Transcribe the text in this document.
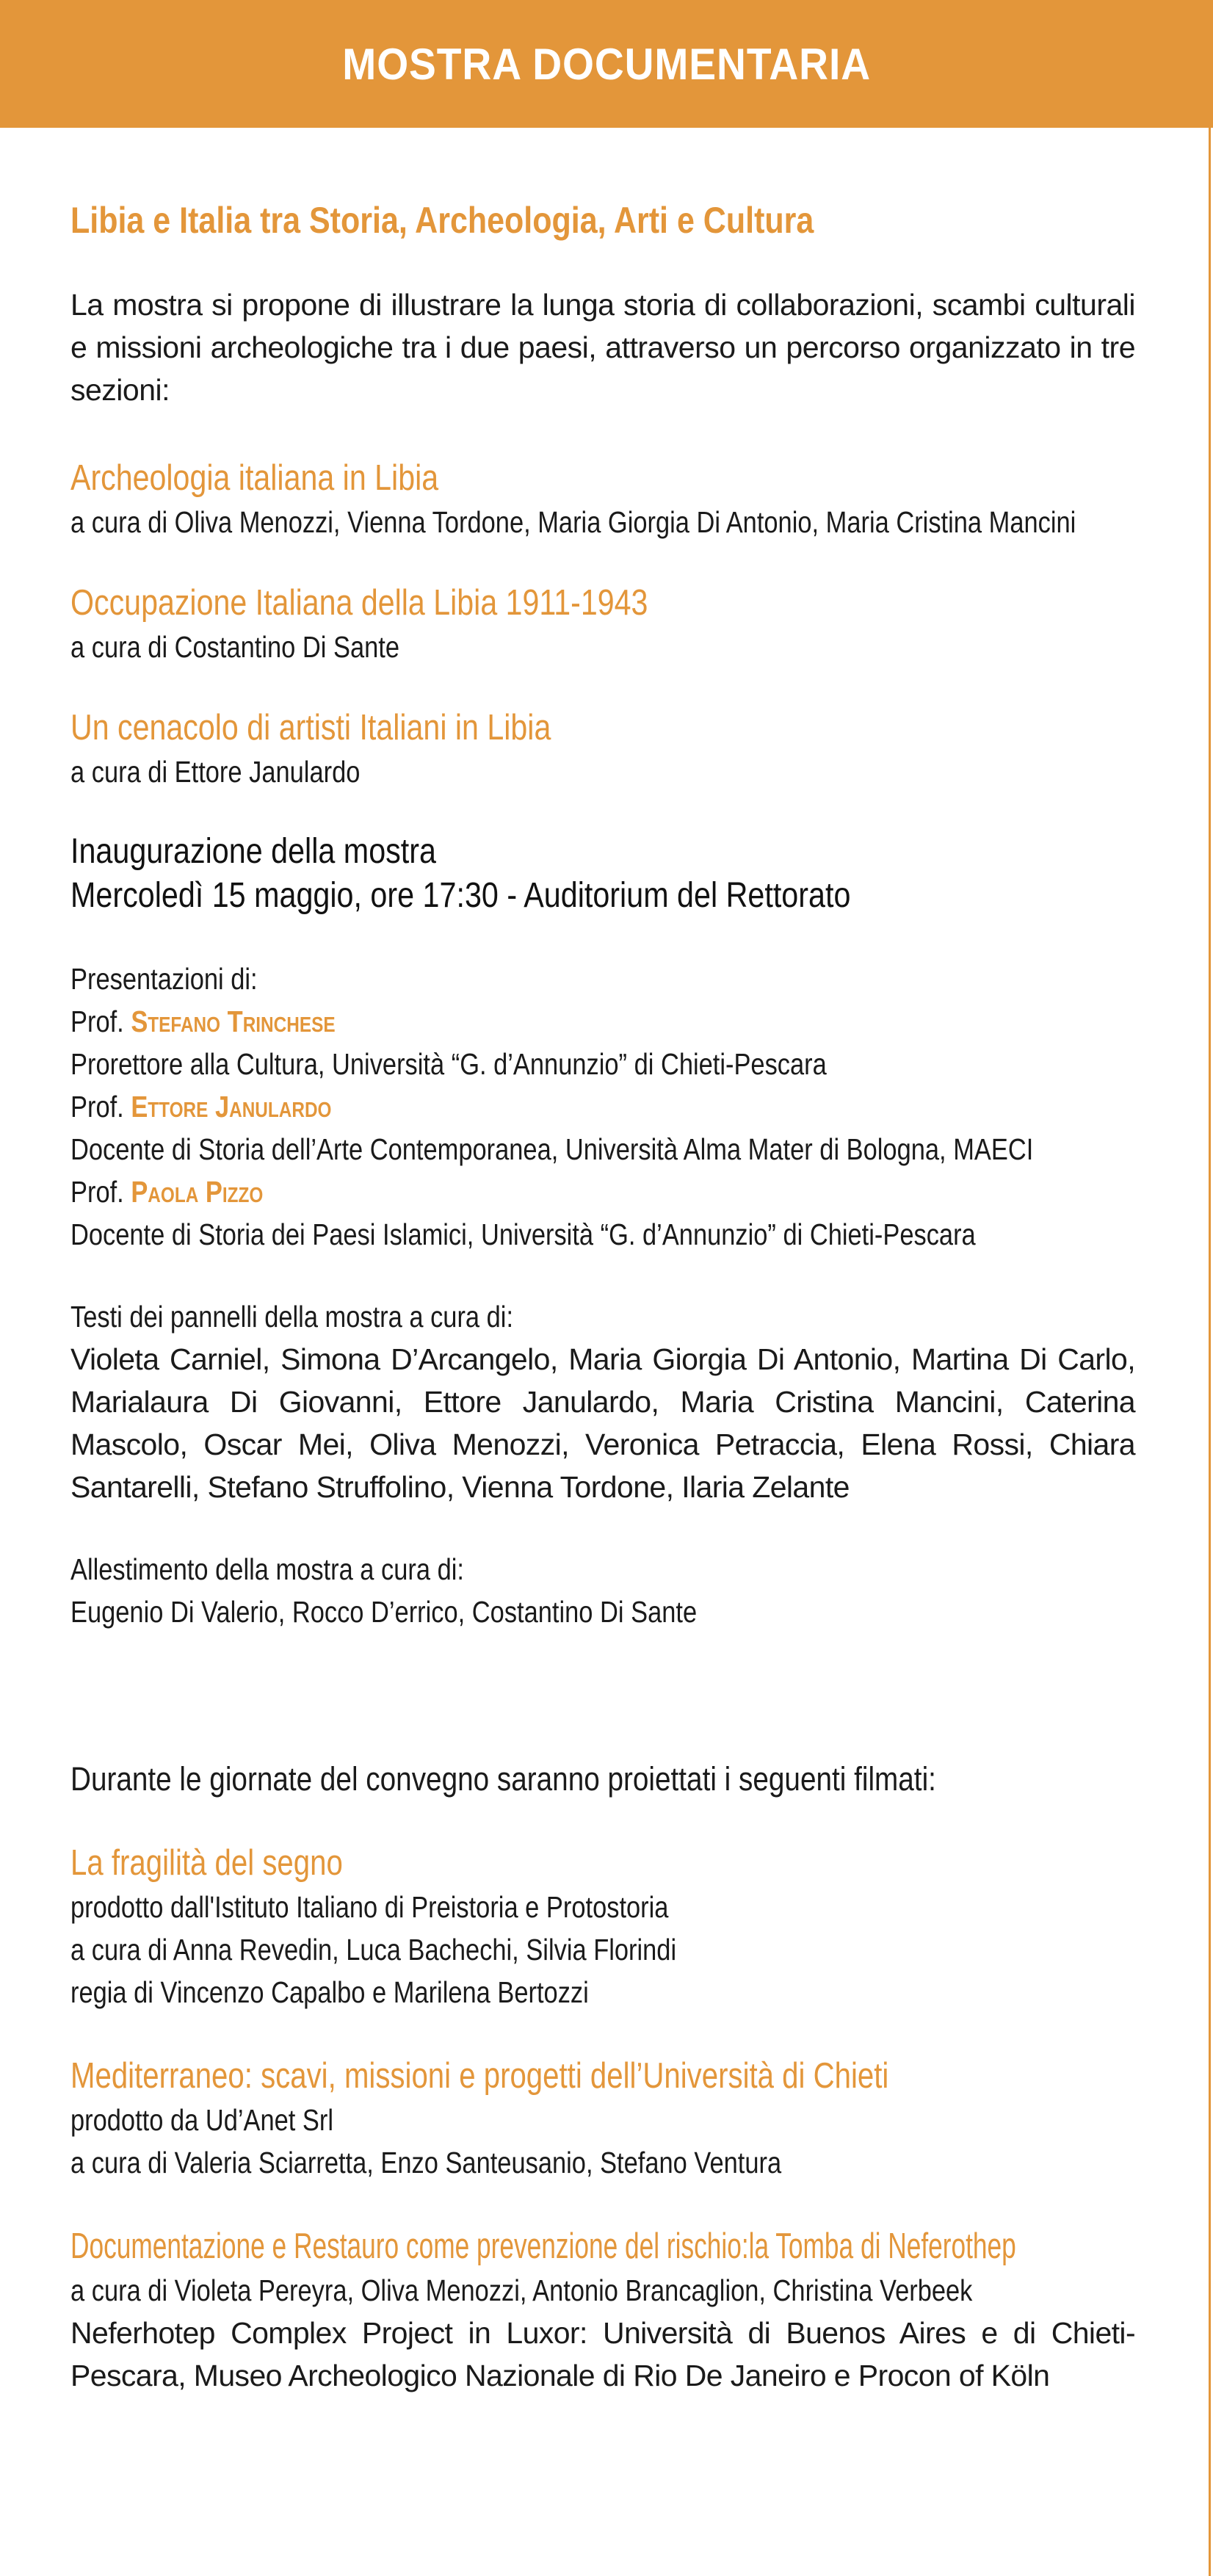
MOSTRA DOCUMENTARIA
Libia e Italia tra Storia, Archeologia, Arti e Cultura
La mostra si propone di illustrare la lunga storia di collaborazioni, scambi culturali e missioni archeologiche tra i due paesi, attraverso un percorso organizzato in tre sezioni:
Archeologia italiana in Libia
a cura di Oliva Menozzi, Vienna Tordone, Maria Giorgia Di Antonio, Maria Cristina Mancini
Occupazione Italiana della Libia 1911-1943
a cura di Costantino Di Sante
Un cenacolo di artisti Italiani in Libia
a cura di Ettore Janulardo
Inaugurazione della mostra
Mercoledì 15 maggio, ore 17:30 - Auditorium del Rettorato
Presentazioni di:
Prof. Stefano Trinchese
Prorettore alla Cultura, Università “G. d’Annunzio” di Chieti-Pescara
Prof. Ettore Janulardo
Docente di Storia dell’Arte Contemporanea, Università Alma Mater di Bologna, MAECI
Prof. Paola Pizzo
Docente di Storia dei Paesi Islamici, Università “G. d’Annunzio” di Chieti-Pescara
Testi dei pannelli della mostra a cura di:
Violeta Carniel, Simona D’Arcangelo, Maria Giorgia Di Antonio, Martina Di Carlo, Marialaura Di Giovanni, Ettore Janulardo, Maria Cristina Mancini, Caterina Mascolo, Oscar Mei, Oliva Menozzi, Veronica Petraccia, Elena Rossi, Chiara Santarelli, Stefano Struffolino, Vienna Tordone, Ilaria Zelante
Allestimento della mostra a cura di:
Eugenio Di Valerio, Rocco D’errico, Costantino Di Sante
Durante le giornate del convegno saranno proiettati i seguenti filmati:
La fragilità del segno
prodotto dall'Istituto Italiano di Preistoria e Protostoria
a cura di Anna Revedin, Luca Bachechi, Silvia Florindi
regia di Vincenzo Capalbo e Marilena Bertozzi
Mediterraneo: scavi, missioni e progetti dell’Università di Chieti
prodotto da Ud’Anet Srl
a cura di Valeria Sciarretta, Enzo Santeusanio, Stefano Ventura
Documentazione e Restauro come prevenzione del rischio:la Tomba di Neferothep
a cura di Violeta Pereyra, Oliva Menozzi, Antonio Brancaglion, Christina Verbeek
Neferhotep Complex Project in Luxor: Università di Buenos Aires e di Chieti-Pescara, Museo Archeologico Nazionale di Rio De Janeiro e Procon of Köln
